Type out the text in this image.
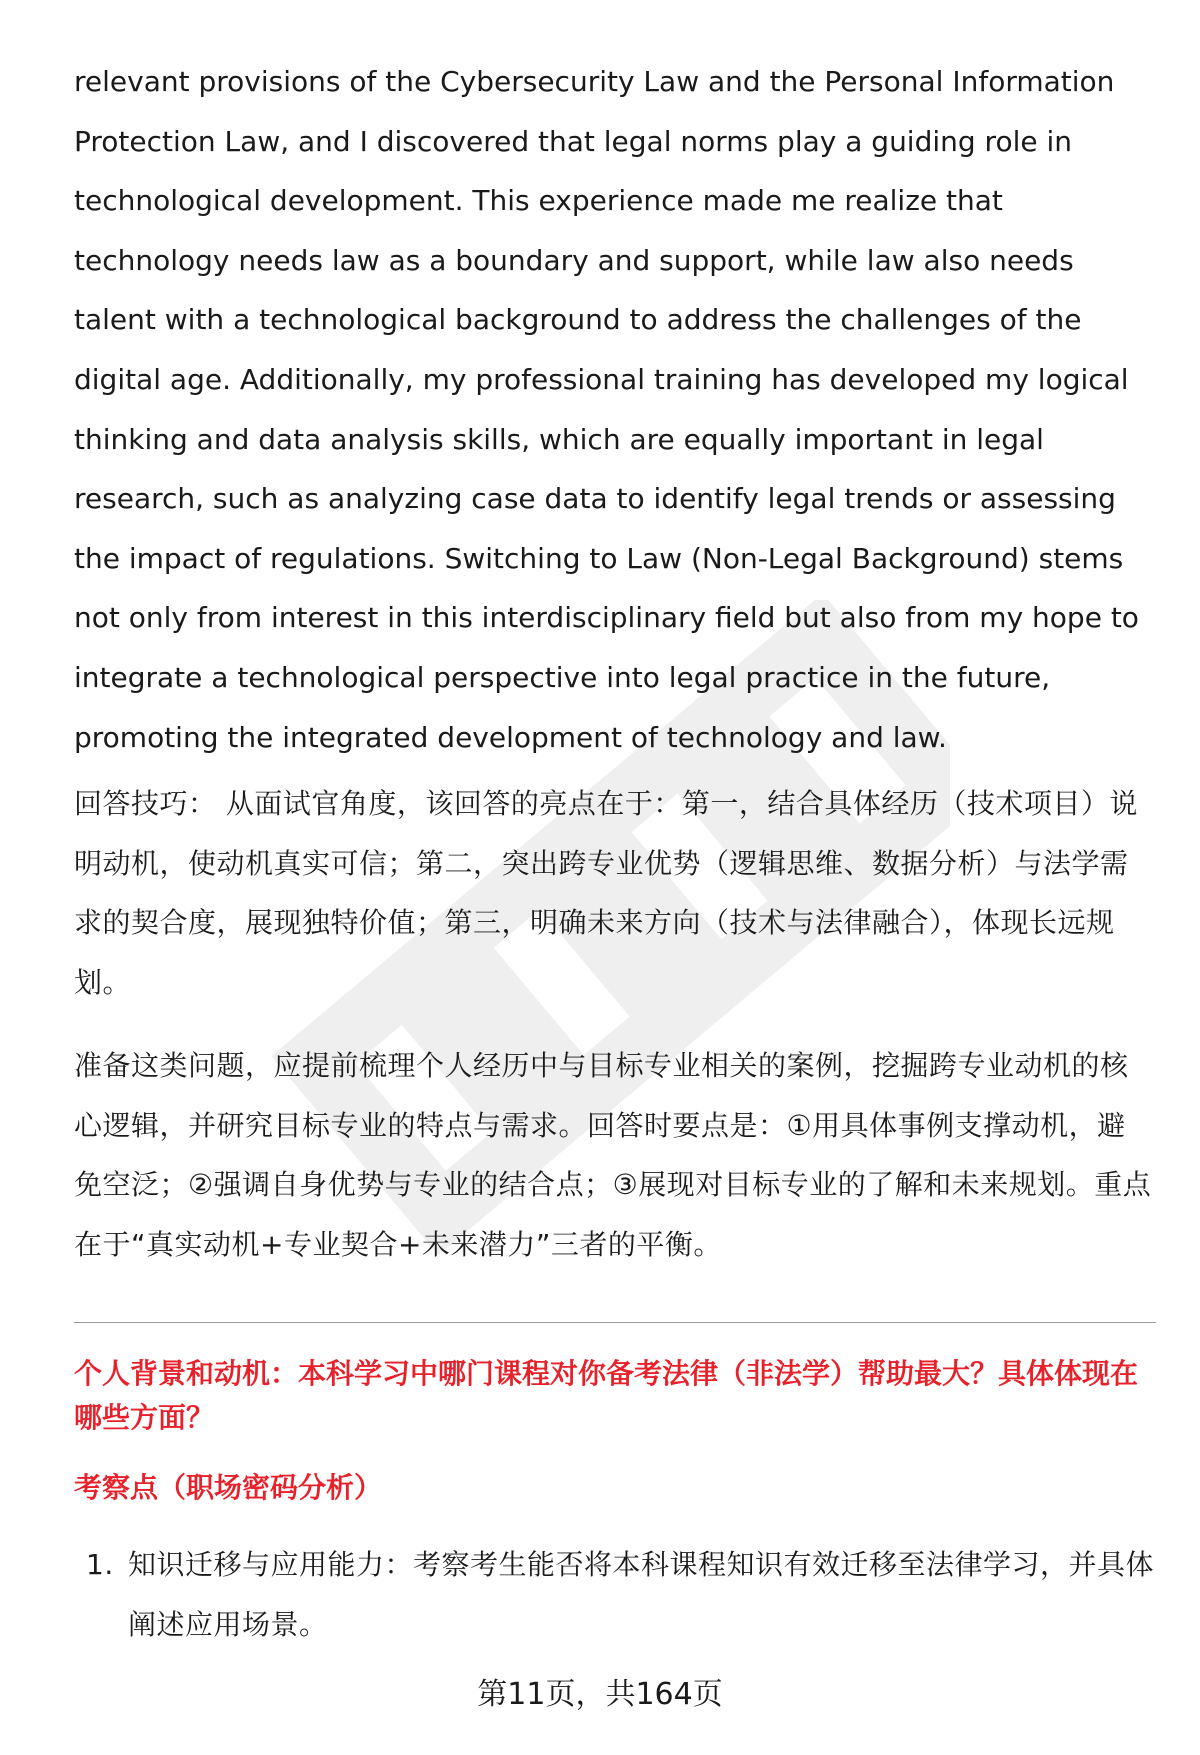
relevant provisions of the Cybersecurity Law and the Personal Information Protection Law, and I discovered that legal norms play a guiding role in technological development. This experience made me realize that technology needs law as a boundary and support, while law also needs talent with a technological background to address the challenges of the digital age. Additionally, my professional training has developed my logical thinking and data analysis skills, which are equally important in legal research, such as analyzing case data to identify legal trends or assessing the impact of regulations. Switching to Law (Non-Legal Background) stems not only from interest in this interdisciplinary field but also from my hope to integrate a technological perspective into legal practice in the future, promoting the integrated development of technology and law.

回答技巧： 从面试官角度，该回答的亮点在于：第一，结合具体经历（技术项目）说明动机，使动机真实可信；第二，突出跨专业优势（逻辑思维、数据分析）与法学需求的契合度，展现独特价值；第三，明确未来方向（技术与法律融合），体现长远规划。

准备这类问题，应提前梳理个人经历中与目标专业相关的案例，挖掘跨专业动机的核心逻辑，并研究目标专业的特点与需求。回答时要点是：①用具体事例支撑动机，避免空泛；②强调自身优势与专业的结合点；③展现对目标专业的了解和未来规划。重点在于“真实动机+专业契合+未来潜力”三者的平衡。

个人背景和动机：本科学习中哪门课程对你备考法律（非法学）帮助最大？具体体现在哪些方面？

考察点（职场密码分析）

1. 知识迁移与应用能力：考察考生能否将本科课程知识有效迁移至法律学习，并具体阐述应用场景。
第11页，共164页
